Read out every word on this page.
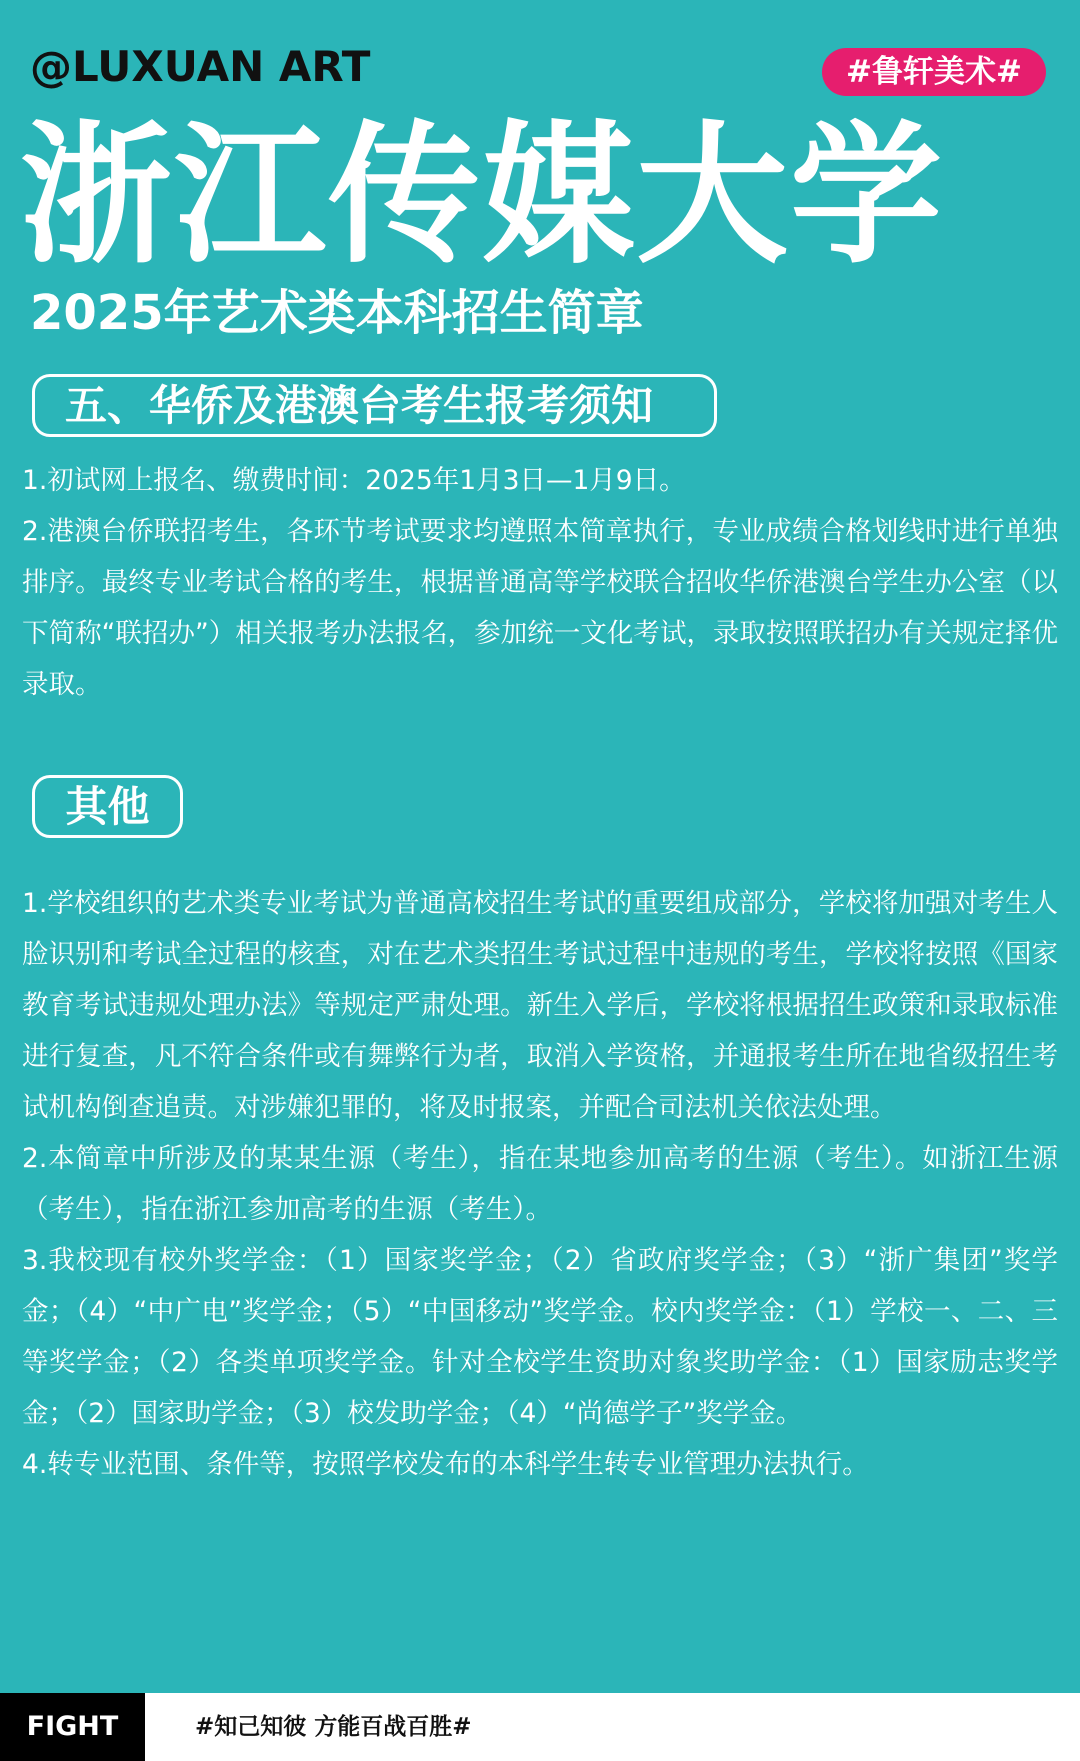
@LUXUAN ART	#鲁轩美术#
浙江传媒大学
2025年艺术类本科招生简章
五、华侨及港澳台考生报考须知

1.初试网上报名、缴费时间：2025年1月3日—1月9日。

2.港澳台侨联招考生，各环节考试要求均遵照本简章执行，专业成绩合格划线时进行单独排序。最终专业考试合格的考生，根据普通高等学校联合招收华侨港澳台学生办公室（以下简称“联招办”）相关报考办法报名，参加统一文化考试，录取按照联招办有关规定择优录取。

其他

1.学校组织的艺术类专业考试为普通高校招生考试的重要组成部分，学校将加强对考生人脸识别和考试全过程的核查，对在艺术类招生考试过程中违规的考生，学校将按照《国家教育考试违规处理办法》等规定严肃处理。新生入学后，学校将根据招生政策和录取标准进行复查，凡不符合条件或有舞弊行为者，取消入学资格，并通报考生所在地省级招生考试机构倒查追责。对涉嫌犯罪的，将及时报案，并配合司法机关依法处理。

2.本简章中所涉及的某某生源（考生），指在某地参加高考的生源（考生）。如浙江生源（考生），指在浙江参加高考的生源（考生）。

3.我校现有校外奖学金：（1）国家奖学金；（2）省政府奖学金；（3）“浙广集团”奖学金；（4）“中广电”奖学金；（5）“中国移动”奖学金。校内奖学金：（1）学校一、二、三等奖学金；（2）各类单项奖学金。针对全校学生资助对象奖助学金：（1）国家励志奖学金；（2）国家助学金；（3）校发助学金；（4）“尚德学子”奖学金。

4.转专业范围、条件等，按照学校发布的本科学生转专业管理办法执行。

FIGHT	#知己知彼 方能百战百胜#
